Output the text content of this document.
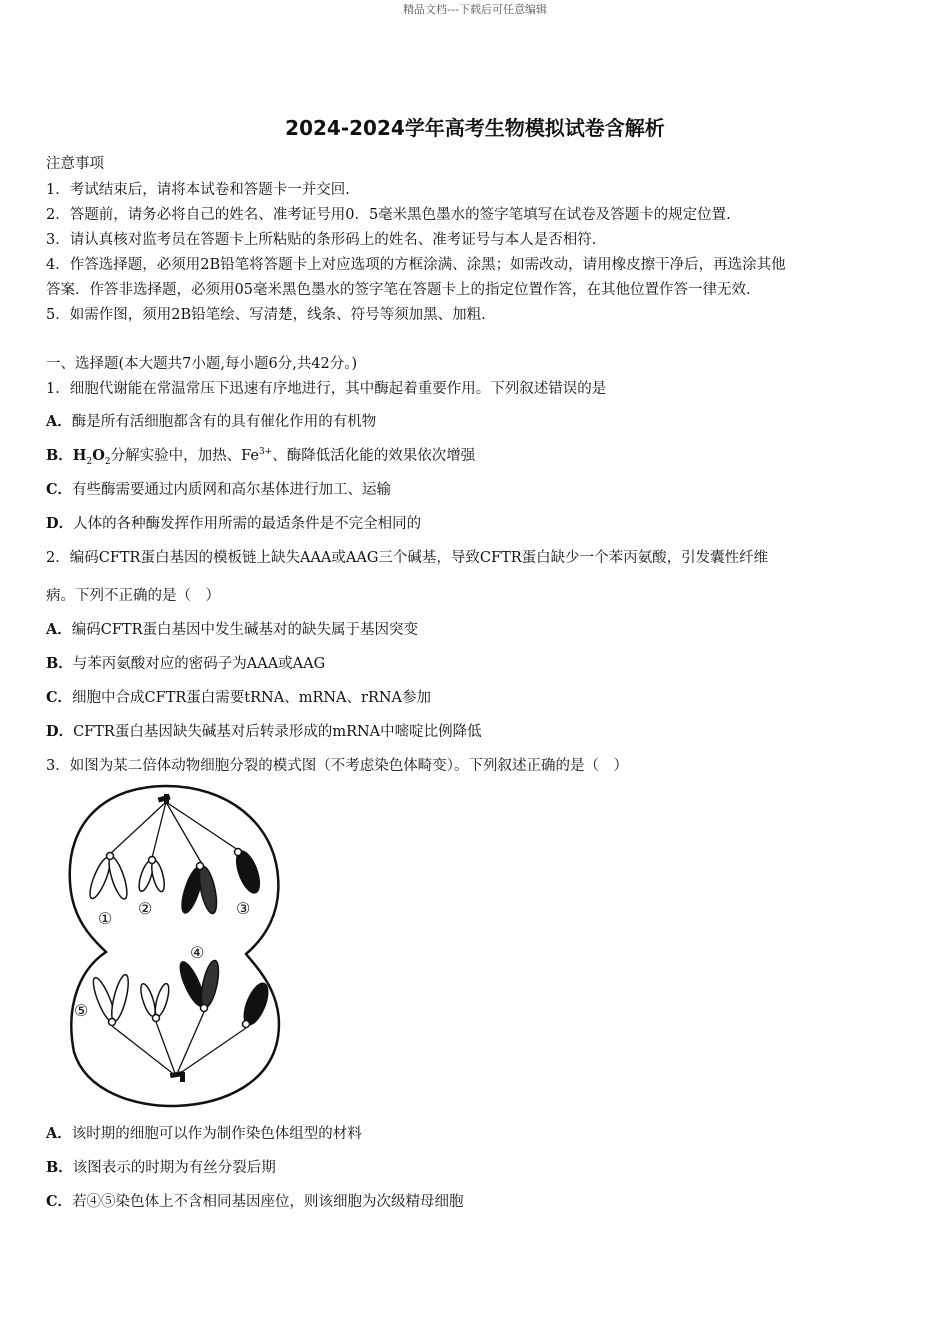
精品文档---下载后可任意编辑
2024-2024学年高考生物模拟试卷含解析
注意事项
1．考试结束后，请将本试卷和答题卡一并交回.
2．答题前，请务必将自己的姓名、准考证号用0．5毫米黑色墨水的签字笔填写在试卷及答题卡的规定位置.
3．请认真核对监考员在答题卡上所粘贴的条形码上的姓名、准考证号与本人是否相符.
4．作答选择题，必须用2B铅笔将答题卡上对应选项的方框涂满、涂黑；如需改动，请用橡皮擦干净后，再选涂其他
答案．作答非选择题，必须用05毫米黑色墨水的签字笔在答题卡上的指定位置作答，在其他位置作答一律无效.
5．如需作图，须用2B铅笔绘、写清楚，线条、符号等须加黑、加粗.
一、选择题(本大题共7小题,每小题6分,共42分。)
1．细胞代谢能在常温常压下迅速有序地进行，其中酶起着重要作用。下列叙述错误的是
A．酶是所有活细胞都含有的具有催化作用的有机物
B．$H_2O_2$分解实验中，加热、$Fe^{3+}$、酶降低活化能的效果依次增强
C．有些酶需要通过内质网和高尔基体进行加工、运输
D．人体的各种酶发挥作用所需的最适条件是不完全相同的
2．编码CFTR蛋白基因的模板链上缺失AAA或AAG三个碱基，导致CFTR蛋白缺少一个苯丙氨酸，引发囊性纤维
病。下列不正确的是（　）
A．编码CFTR蛋白基因中发生碱基对的缺失属于基因突变
B．与苯丙氨酸对应的密码子为AAA或AAG
C．细胞中合成CFTR蛋白需要tRNA、mRNA、rRNA参加
D．CFTR蛋白基因缺失碱基对后转录形成的mRNA中嘧啶比例降低
3．如图为某二倍体动物细胞分裂的模式图（不考虑染色体畸变）。下列叙述正确的是（　）
①
②	③
④
⑤
A．该时期的细胞可以作为制作染色体组型的材料
B．该图表示的时期为有丝分裂后期
C．若④⑤染色体上不含相同基因座位，则该细胞为次级精母细胞
